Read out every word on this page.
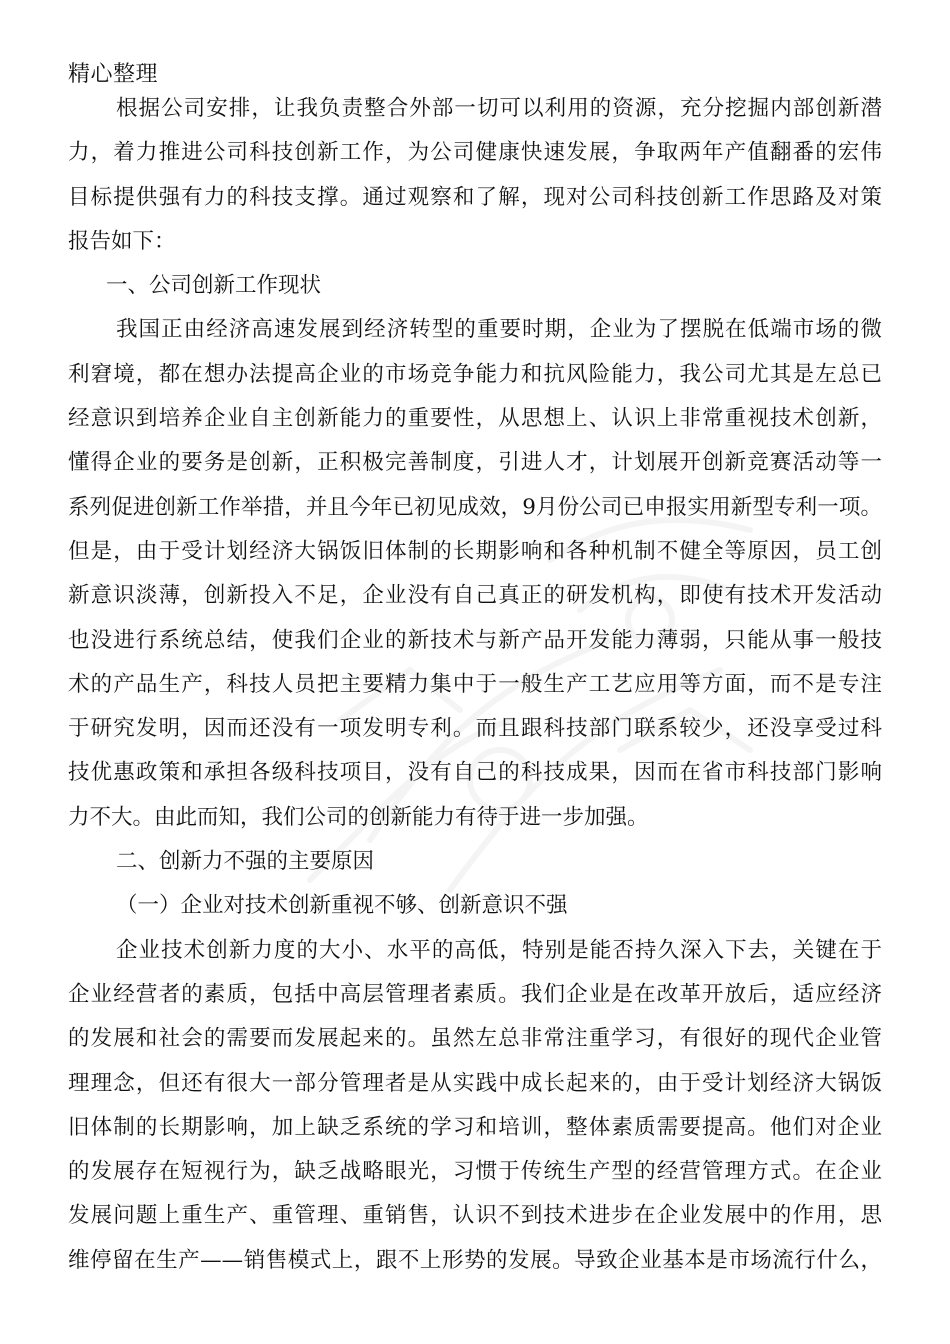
精心整理
根据公司安排，让我负责整合外部一切可以利用的资源，充分挖掘内部创新潜
力，着力推进公司科技创新工作，为公司健康快速发展，争取两年产值翻番的宏伟
目标提供强有力的科技支撑。通过观察和了解，现对公司科技创新工作思路及对策
报告如下：
一、公司创新工作现状
我国正由经济高速发展到经济转型的重要时期，企业为了摆脱在低端市场的微
利窘境，都在想办法提高企业的市场竞争能力和抗风险能力，我公司尤其是左总已
经意识到培养企业自主创新能力的重要性，从思想上、认识上非常重视技术创新，
懂得企业的要务是创新，正积极完善制度，引进人才，计划展开创新竞赛活动等一
系列促进创新工作举措，并且今年已初见成效，9月份公司已申报实用新型专利一项。
但是，由于受计划经济大锅饭旧体制的长期影响和各种机制不健全等原因，员工创
新意识淡薄，创新投入不足，企业没有自己真正的研发机构，即使有技术开发活动
也没进行系统总结，使我们企业的新技术与新产品开发能力薄弱，只能从事一般技
术的产品生产，科技人员把主要精力集中于一般生产工艺应用等方面，而不是专注
于研究发明，因而还没有一项发明专利。而且跟科技部门联系较少，还没享受过科
技优惠政策和承担各级科技项目，没有自己的科技成果，因而在省市科技部门影响
力不大。由此而知，我们公司的创新能力有待于进一步加强。
二、创新力不强的主要原因
（一）企业对技术创新重视不够、创新意识不强
企业技术创新力度的大小、水平的高低，特别是能否持久深入下去，关键在于
企业经营者的素质，包括中高层管理者素质。我们企业是在改革开放后，适应经济
的发展和社会的需要而发展起来的。虽然左总非常注重学习，有很好的现代企业管
理理念，但还有很大一部分管理者是从实践中成长起来的，由于受计划经济大锅饭
旧体制的长期影响，加上缺乏系统的学习和培训，整体素质需要提高。他们对企业
的发展存在短视行为，缺乏战略眼光，习惯于传统生产型的经营管理方式。在企业
发展问题上重生产、重管理、重销售，认识不到技术进步在企业发展中的作用，思
维停留在生产——销售模式上，跟不上形势的发展。导致企业基本是市场流行什么，
